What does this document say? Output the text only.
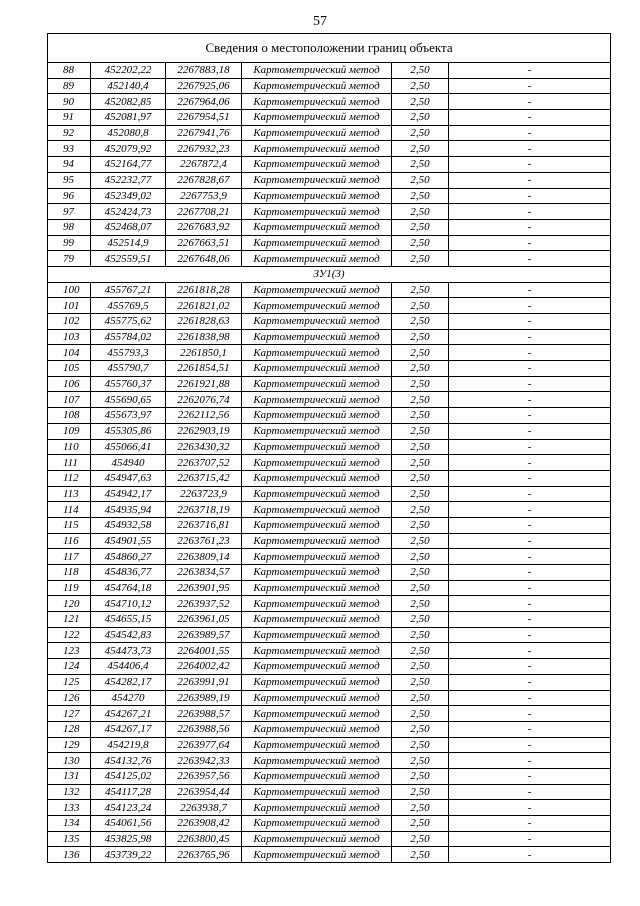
57
Сведения о местоположении границ объекта					
88	452202,22	2267883,18	Картометрический метод	2,50	-
89	452140,4	2267925,06	Картометрический метод	2,50	-
90	452082,85	2267964,06	Картометрический метод	2,50	-
91	452081,97	2267954,51	Картометрический метод	2,50	-
92	452080,8	2267941,76	Картометрический метод	2,50	-
93	452079,92	2267932,23	Картометрический метод	2,50	-
94	452164,77	2267872,4	Картометрический метод	2,50	-
95	452232,77	2267828,67	Картометрический метод	2,50	-
96	452349,02	2267753,9	Картометрический метод	2,50	-
97	452424,73	2267708,21	Картометрический метод	2,50	-
98	452468,07	2267683,92	Картометрический метод	2,50	-
99	452514,9	2267663,51	Картометрический метод	2,50	-
79	452559,51	2267648,06	Картометрический метод	2,50	-
ЗУ1(3)					
100	455767,21	2261818,28	Картометрический метод	2,50	-
101	455769,5	2261821,02	Картометрический метод	2,50	-
102	455775,62	2261828,63	Картометрический метод	2,50	-
103	455784,02	2261838,98	Картометрический метод	2,50	-
104	455793,3	2261850,1	Картометрический метод	2,50	-
105	455790,7	2261854,51	Картометрический метод	2,50	-
106	455760,37	2261921,88	Картометрический метод	2,50	-
107	455690,65	2262076,74	Картометрический метод	2,50	-
108	455673,97	2262112,56	Картометрический метод	2,50	-
109	455305,86	2262903,19	Картометрический метод	2,50	-
110	455066,41	2263430,32	Картометрический метод	2,50	-
111	454940	2263707,52	Картометрический метод	2,50	-
112	454947,63	2263715,42	Картометрический метод	2,50	-
113	454942,17	2263723,9	Картометрический метод	2,50	-
114	454935,94	2263718,19	Картометрический метод	2,50	-
115	454932,58	2263716,81	Картометрический метод	2,50	-
116	454901,55	2263761,23	Картометрический метод	2,50	-
117	454860,27	2263809,14	Картометрический метод	2,50	-
118	454836,77	2263834,57	Картометрический метод	2,50	-
119	454764,18	2263901,95	Картометрический метод	2,50	-
120	454710,12	2263937,52	Картометрический метод	2,50	-
121	454655,15	2263961,05	Картометрический метод	2,50	-
122	454542,83	2263989,57	Картометрический метод	2,50	-
123	454473,73	2264001,55	Картометрический метод	2,50	-
124	454406,4	2264002,42	Картометрический метод	2,50	-
125	454282,17	2263991,91	Картометрический метод	2,50	-
126	454270	2263989,19	Картометрический метод	2,50	-
127	454267,21	2263988,57	Картометрический метод	2,50	-
128	454267,17	2263988,56	Картометрический метод	2,50	-
129	454219,8	2263977,64	Картометрический метод	2,50	-
130	454132,76	2263942,33	Картометрический метод	2,50	-
131	454125,02	2263957,56	Картометрический метод	2,50	-
132	454117,28	2263954,44	Картометрический метод	2,50	-
133	454123,24	2263938,7	Картометрический метод	2,50	-
134	454061,56	2263908,42	Картометрический метод	2,50	-
135	453825,98	2263800,45	Картометрический метод	2,50	-
136	453739,22	2263765,96	Картометрический метод	2,50	-
